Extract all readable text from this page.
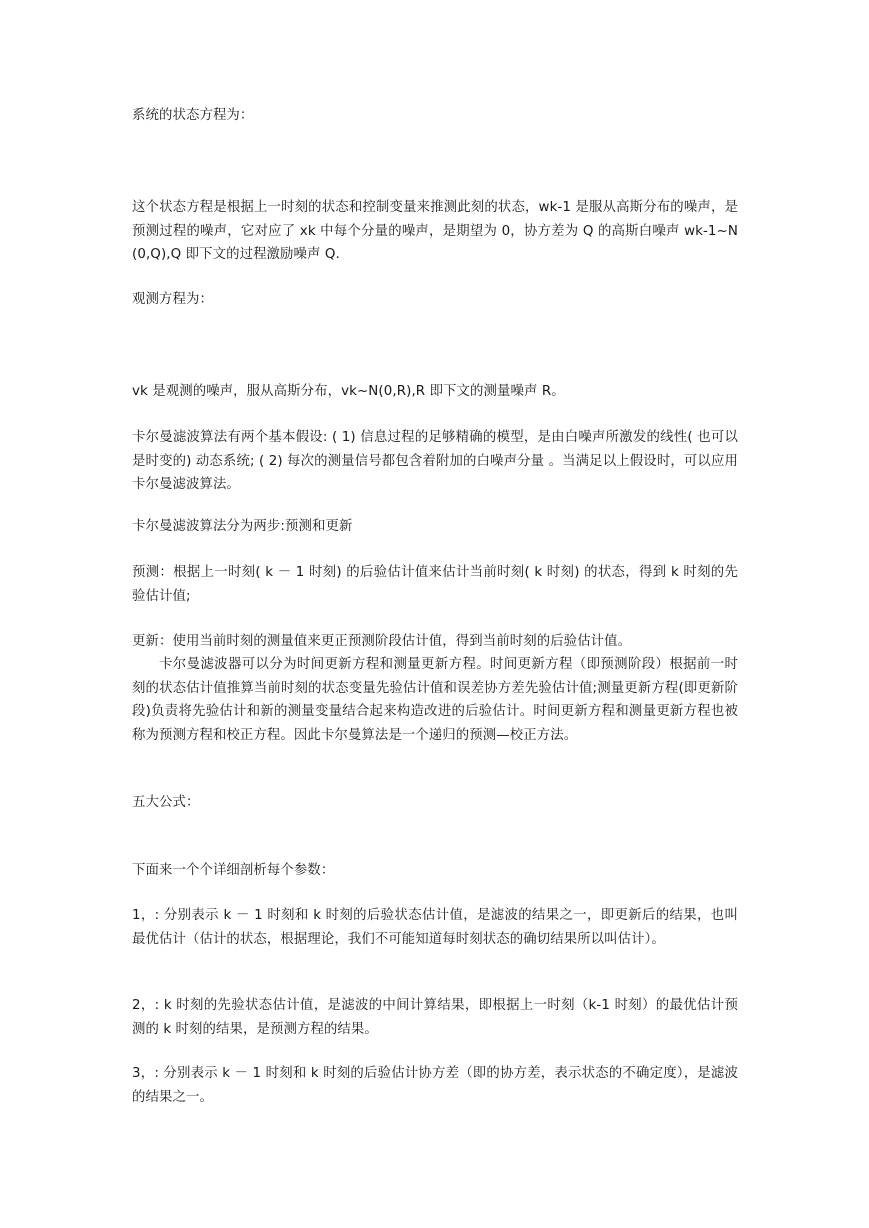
系统的状态方程为：

这个状态方程是根据上一时刻的状态和控制变量来推测此刻的状态，wk-1 是服从高斯分布的噪声，是预测过程的噪声，它对应了 xk 中每个分量的噪声，是期望为 0，协方差为 Q 的高斯白噪声 wk-1~N(0,Q),Q 即下文的过程激励噪声 Q.

观测方程为：

vk 是观测的噪声，服从高斯分布，vk~N(0,R),R 即下文的测量噪声 R。

卡尔曼滤波算法有两个基本假设: ( 1) 信息过程的足够精确的模型，是由白噪声所激发的线性( 也可以是时变的) 动态系统; ( 2) 每次的测量信号都包含着附加的白噪声分量 。当满足以上假设时，可以应用卡尔曼滤波算法。

卡尔曼滤波算法分为两步:预测和更新

预测：根据上一时刻( k － 1 时刻) 的后验估计值来估计当前时刻( k 时刻) 的状态，得到 k 时刻的先验估计值;

更新：使用当前时刻的测量值来更正预测阶段估计值，得到当前时刻的后验估计值。

卡尔曼滤波器可以分为时间更新方程和测量更新方程。时间更新方程（即预测阶段）根据前一时刻的状态估计值推算当前时刻的状态变量先验估计值和误差协方差先验估计值;测量更新方程(即更新阶段)负责将先验估计和新的测量变量结合起来构造改进的后验估计。时间更新方程和测量更新方程也被称为预测方程和校正方程。因此卡尔曼算法是一个递归的预测—校正方法。

五大公式：

下面来一个个详细剖析每个参数：

1，: 分别表示 k － 1 时刻和 k 时刻的后验状态估计值，是滤波的结果之一，即更新后的结果，也叫最优估计（估计的状态，根据理论，我们不可能知道每时刻状态的确切结果所以叫估计）。

2，: k 时刻的先验状态估计值，是滤波的中间计算结果，即根据上一时刻（k-1 时刻）的最优估计预测的 k 时刻的结果，是预测方程的结果。

3，: 分别表示 k － 1 时刻和 k 时刻的后验估计协方差（即的协方差，表示状态的不确定度），是滤波的结果之一。
